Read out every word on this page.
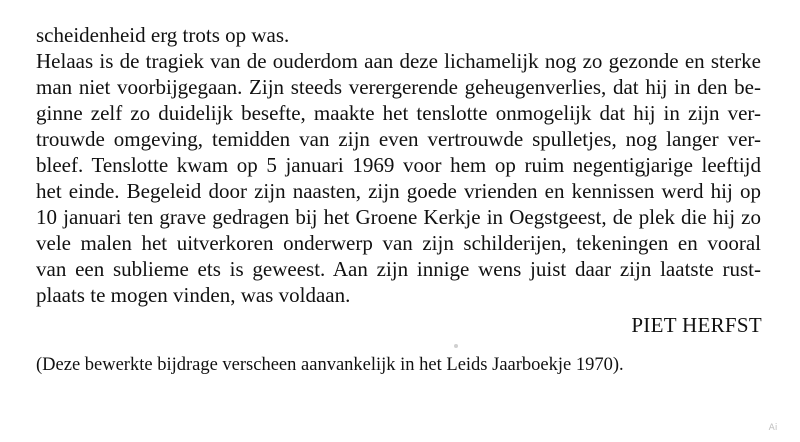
scheidenheid erg trots op was.
Helaas is de tragiek van de ouderdom aan deze lichamelijk nog zo gezonde en sterke
man niet voorbijgegaan. Zijn steeds verergerende geheugenverlies, dat hij in den be-
ginne zelf zo duidelijk besefte, maakte het tenslotte onmogelijk dat hij in zijn ver-
trouwde omgeving, temidden van zijn even vertrouwde spulletjes, nog langer ver-
bleef. Tenslotte kwam op 5 januari 1969 voor hem op ruim negentigjarige leeftijd
het einde. Begeleid door zijn naasten, zijn goede vrienden en kennissen werd hij op
10 januari ten grave gedragen bij het Groene Kerkje in Oegstgeest, de plek die hij zo
vele malen het uitverkoren onderwerp van zijn schilderijen, tekeningen en vooral
van een sublieme ets is geweest. Aan zijn innige wens juist daar zijn laatste rust-
plaats te mogen vinden, was voldaan.
PIET HERFST
(Deze bewerkte bijdrage verscheen aanvankelijk in het Leids Jaarboekje 1970).
Ai
